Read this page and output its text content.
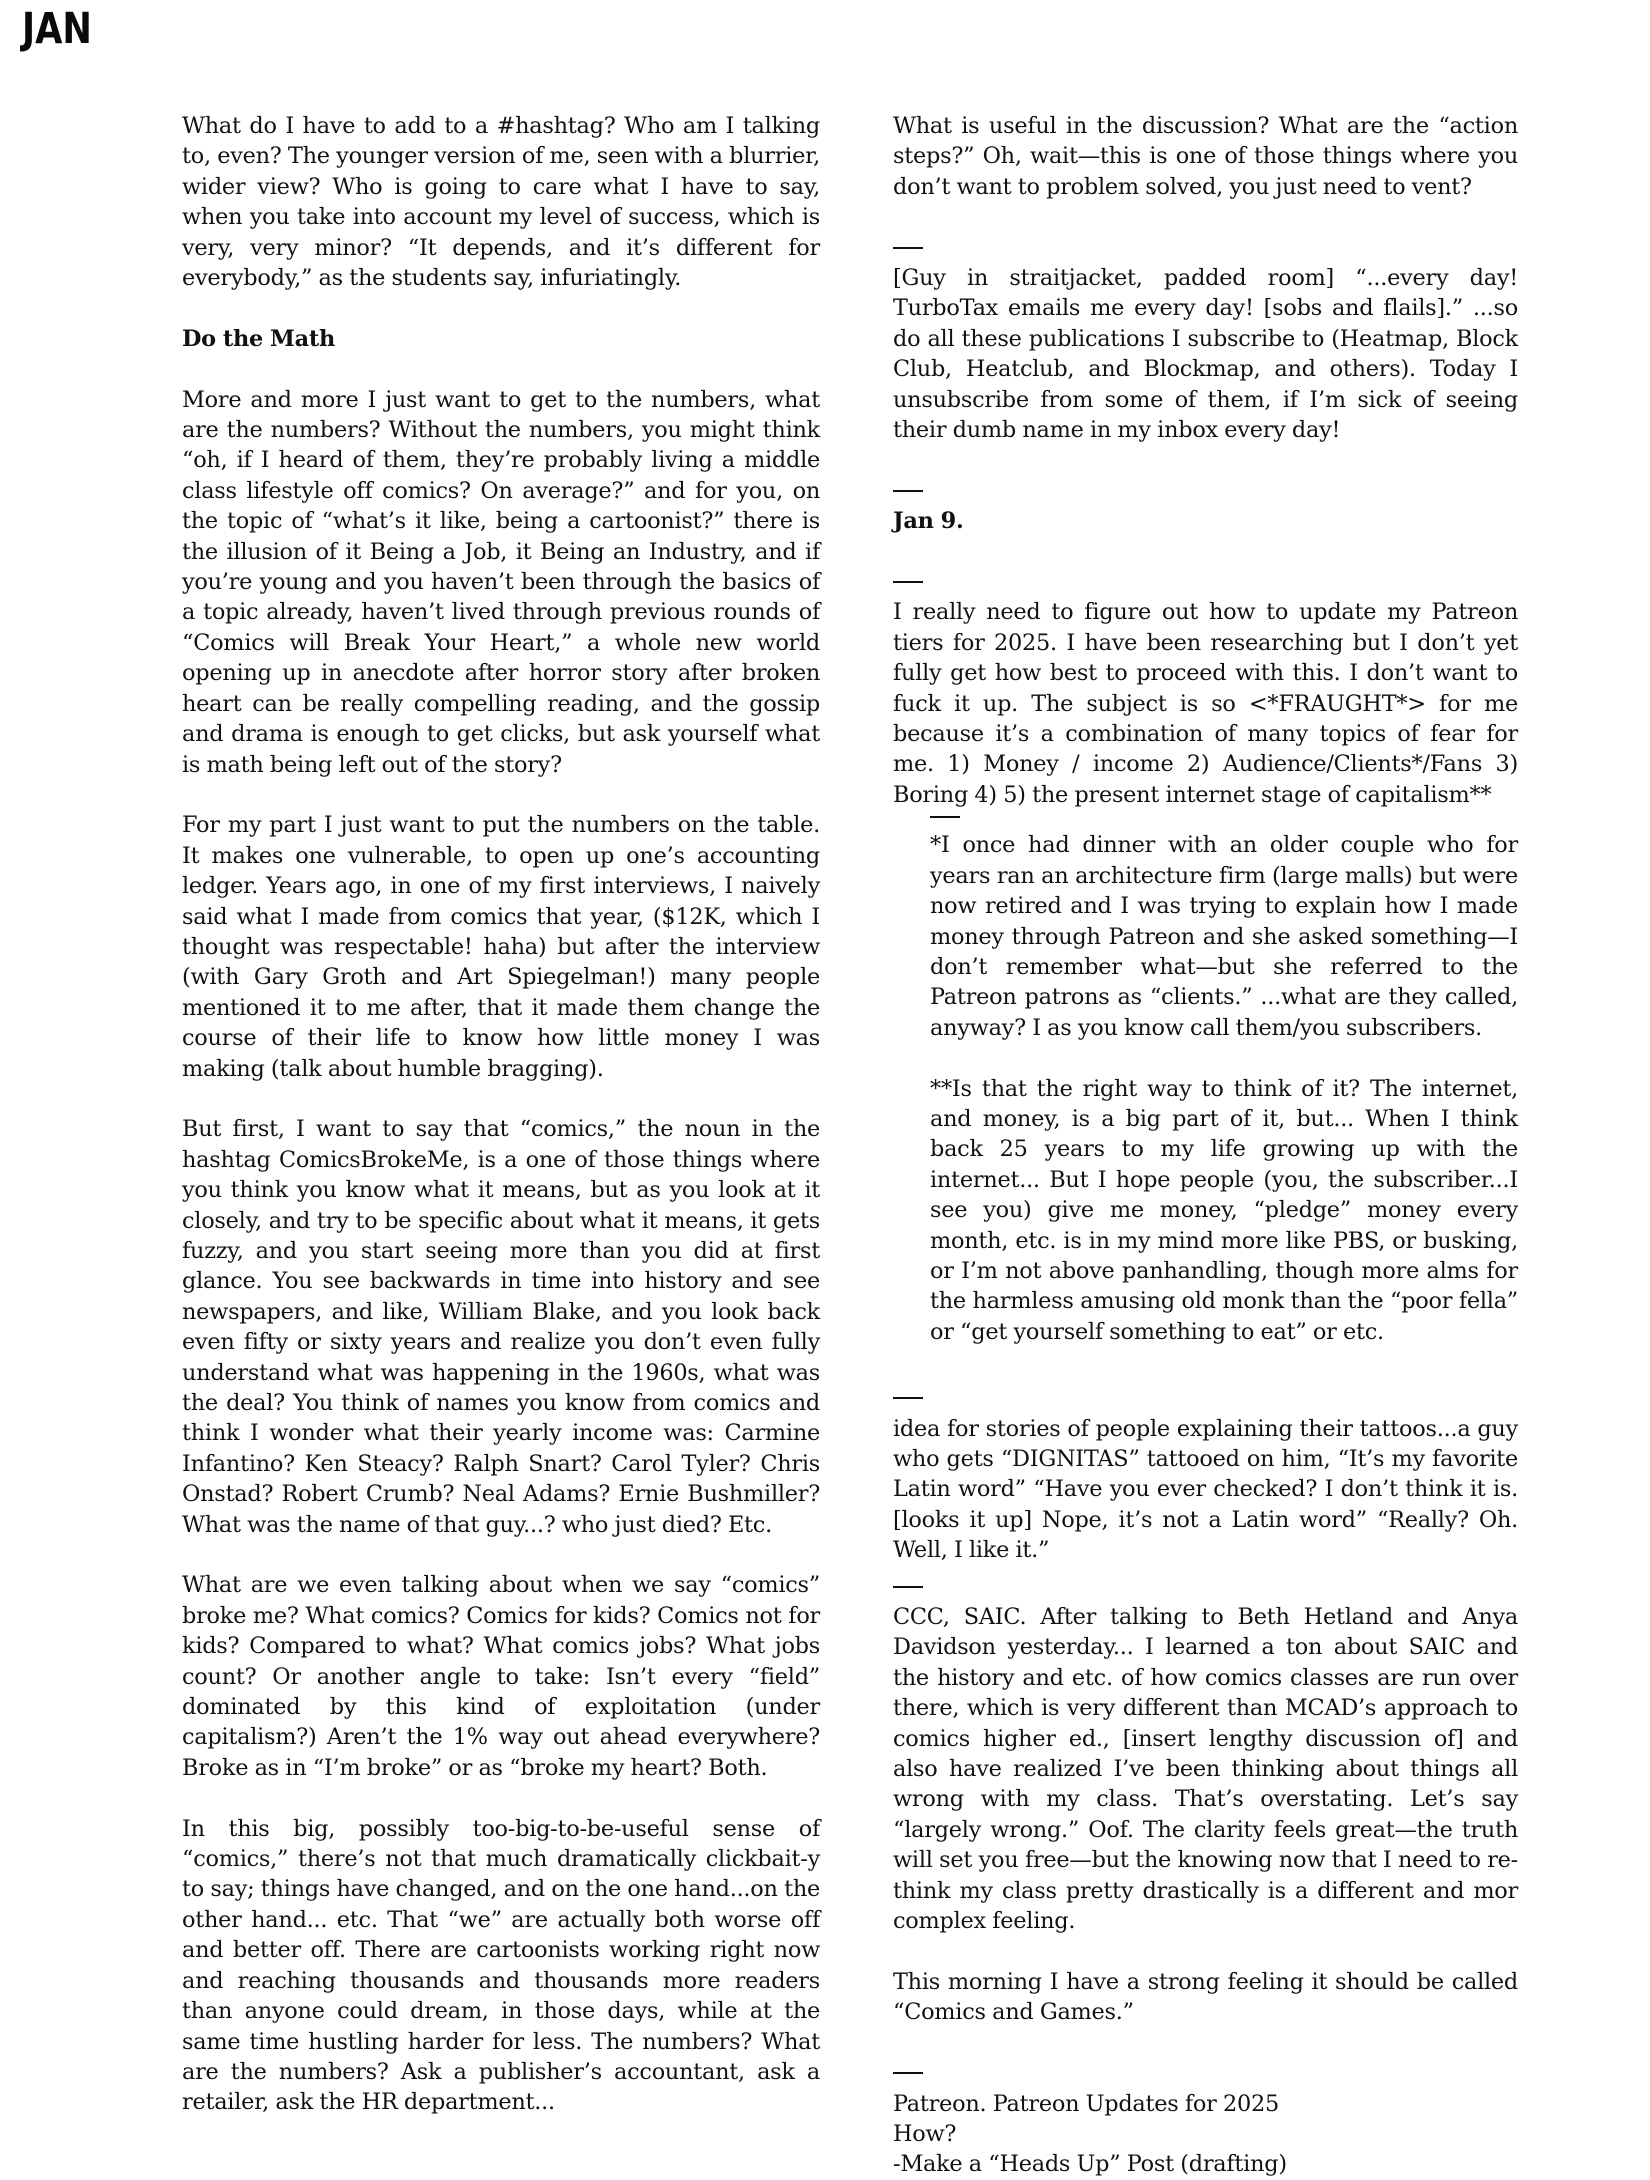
JAN

What do I have to add to a #hashtag? Who am I talking to, even? The younger version of me, seen with a blurrier, wider view? Who is going to care what I have to say, when you take into account my level of success, which is very, very minor? “It depends, and it’s different for everybody,” as the students say, infuriatingly.

Do the Math

More and more I just want to get to the numbers, what are the numbers? Without the numbers, you might think “oh, if I heard of them, they’re probably living a middle class lifestyle off comics? On average?” and for you, on the topic of “what’s it like, being a cartoonist?” there is the illusion of it Being a Job, it Being an Industry, and if you’re young and you haven’t been through the basics of a topic already, haven’t lived through previous rounds of “Comics will Break Your Heart,” a whole new world opening up in anecdote after horror story after broken heart can be really compelling reading, and the gossip and drama is enough to get clicks, but ask yourself what is math being left out of the story?

For my part I just want to put the numbers on the table. It makes one vulnerable, to open up one’s accounting ledger. Years ago, in one of my first interviews, I naively said what I made from comics that year, ($12K, which I thought was respectable! haha) but after the interview (with Gary Groth and Art Spiegelman!) many people mentioned it to me after, that it made them change the course of their life to know how little money I was making (talk about humble bragging).

But first, I want to say that “comics,” the noun in the hashtag ComicsBrokeMe, is a one of those things where you think you know what it means, but as you look at it closely, and try to be specific about what it means, it gets fuzzy, and you start seeing more than you did at first glance. You see backwards in time into history and see newspapers, and like, William Blake, and you look back even fifty or sixty years and realize you don’t even fully understand what was happening in the 1960s, what was the deal? You think of names you know from comics and think I wonder what their yearly income was: Carmine Infantino? Ken Steacy? Ralph Snart? Carol Tyler? Chris Onstad? Robert Crumb? Neal Adams? Ernie Bushmiller? What was the name of that guy...? who just died? Etc.

What are we even talking about when we say “comics” broke me? What comics? Comics for kids? Comics not for kids? Compared to what? What comics jobs? What jobs count? Or another angle to take: Isn’t every “field” dominated by this kind of exploitation (under capitalism?) Aren’t the 1% way out ahead everywhere? Broke as in “I’m broke” or as “broke my heart? Both.

In this big, possibly too-big-to-be-useful sense of “comics,” there’s not that much dramatically clickbait-y to say; things have changed, and on the one hand...on the other hand... etc. That “we” are actually both worse off and better off. There are cartoonists working right now and reaching thousands and thousands more readers than anyone could dream, in those days, while at the same time hustling harder for less. The numbers? What are the numbers? Ask a publisher’s accountant, ask a retailer, ask the HR department...

What is useful in the discussion? What are the “action steps?” Oh, wait—this is one of those things where you don’t want to problem solved, you just need to vent?

[Guy in straitjacket, padded room] “...every day! TurboTax emails me every day! [sobs and flails].” ...so do all these publications I subscribe to (Heatmap, Block Club, Heatclub, and Blockmap, and others). Today I unsubscribe from some of them, if I’m sick of seeing their dumb name in my inbox every day!

Jan 9.

I really need to figure out how to update my Patreon tiers for 2025. I have been researching but I don’t yet fully get how best to proceed with this. I don’t want to fuck it up. The subject is so <*FRAUGHT*> for me because it’s a combination of many topics of fear for me. 1) Money / income 2) Audience/Clients*/Fans 3) Boring 4) 5) the present internet stage of capitalism**

*I once had dinner with an older couple who for years ran an architecture firm (large malls) but were now retired and I was trying to explain how I made money through Patreon and she asked something—I don’t remember what—but she referred to the Patreon patrons as “clients.” ...what are they called, anyway? I as you know call them/you subscribers.

**Is that the right way to think of it? The internet, and money, is a big part of it, but... When I think back 25 years to my life growing up with the internet... But I hope people (you, the subscriber...I see you) give me money, “pledge” money every month, etc. is in my mind more like PBS, or busking, or I’m not above panhandling, though more alms for the harmless amusing old monk than the “poor fella” or “get yourself something to eat” or etc.

idea for stories of people explaining their tattoos...a guy who gets “DIGNITAS” tattooed on him, “It’s my favorite Latin word” “Have you ever checked? I don’t think it is. [looks it up] Nope, it’s not a Latin word” “Really? Oh. Well, I like it.”

CCC, SAIC. After talking to Beth Hetland and Anya Davidson yesterday... I learned a ton about SAIC and the history and etc. of how comics classes are run over there, which is very different than MCAD’s approach to comics higher ed., [insert lengthy discussion of] and also have realized I’ve been thinking about things all wrong with my class. That’s overstating. Let’s say “largely wrong.” Oof. The clarity feels great—the truth will set you free—but the knowing now that I need to re-think my class pretty drastically is a different and mor complex feeling.

This morning I have a strong feeling it should be called “Comics and Games.”

Patreon. Patreon Updates for 2025

How?

-Make a “Heads Up” Post (drafting)
